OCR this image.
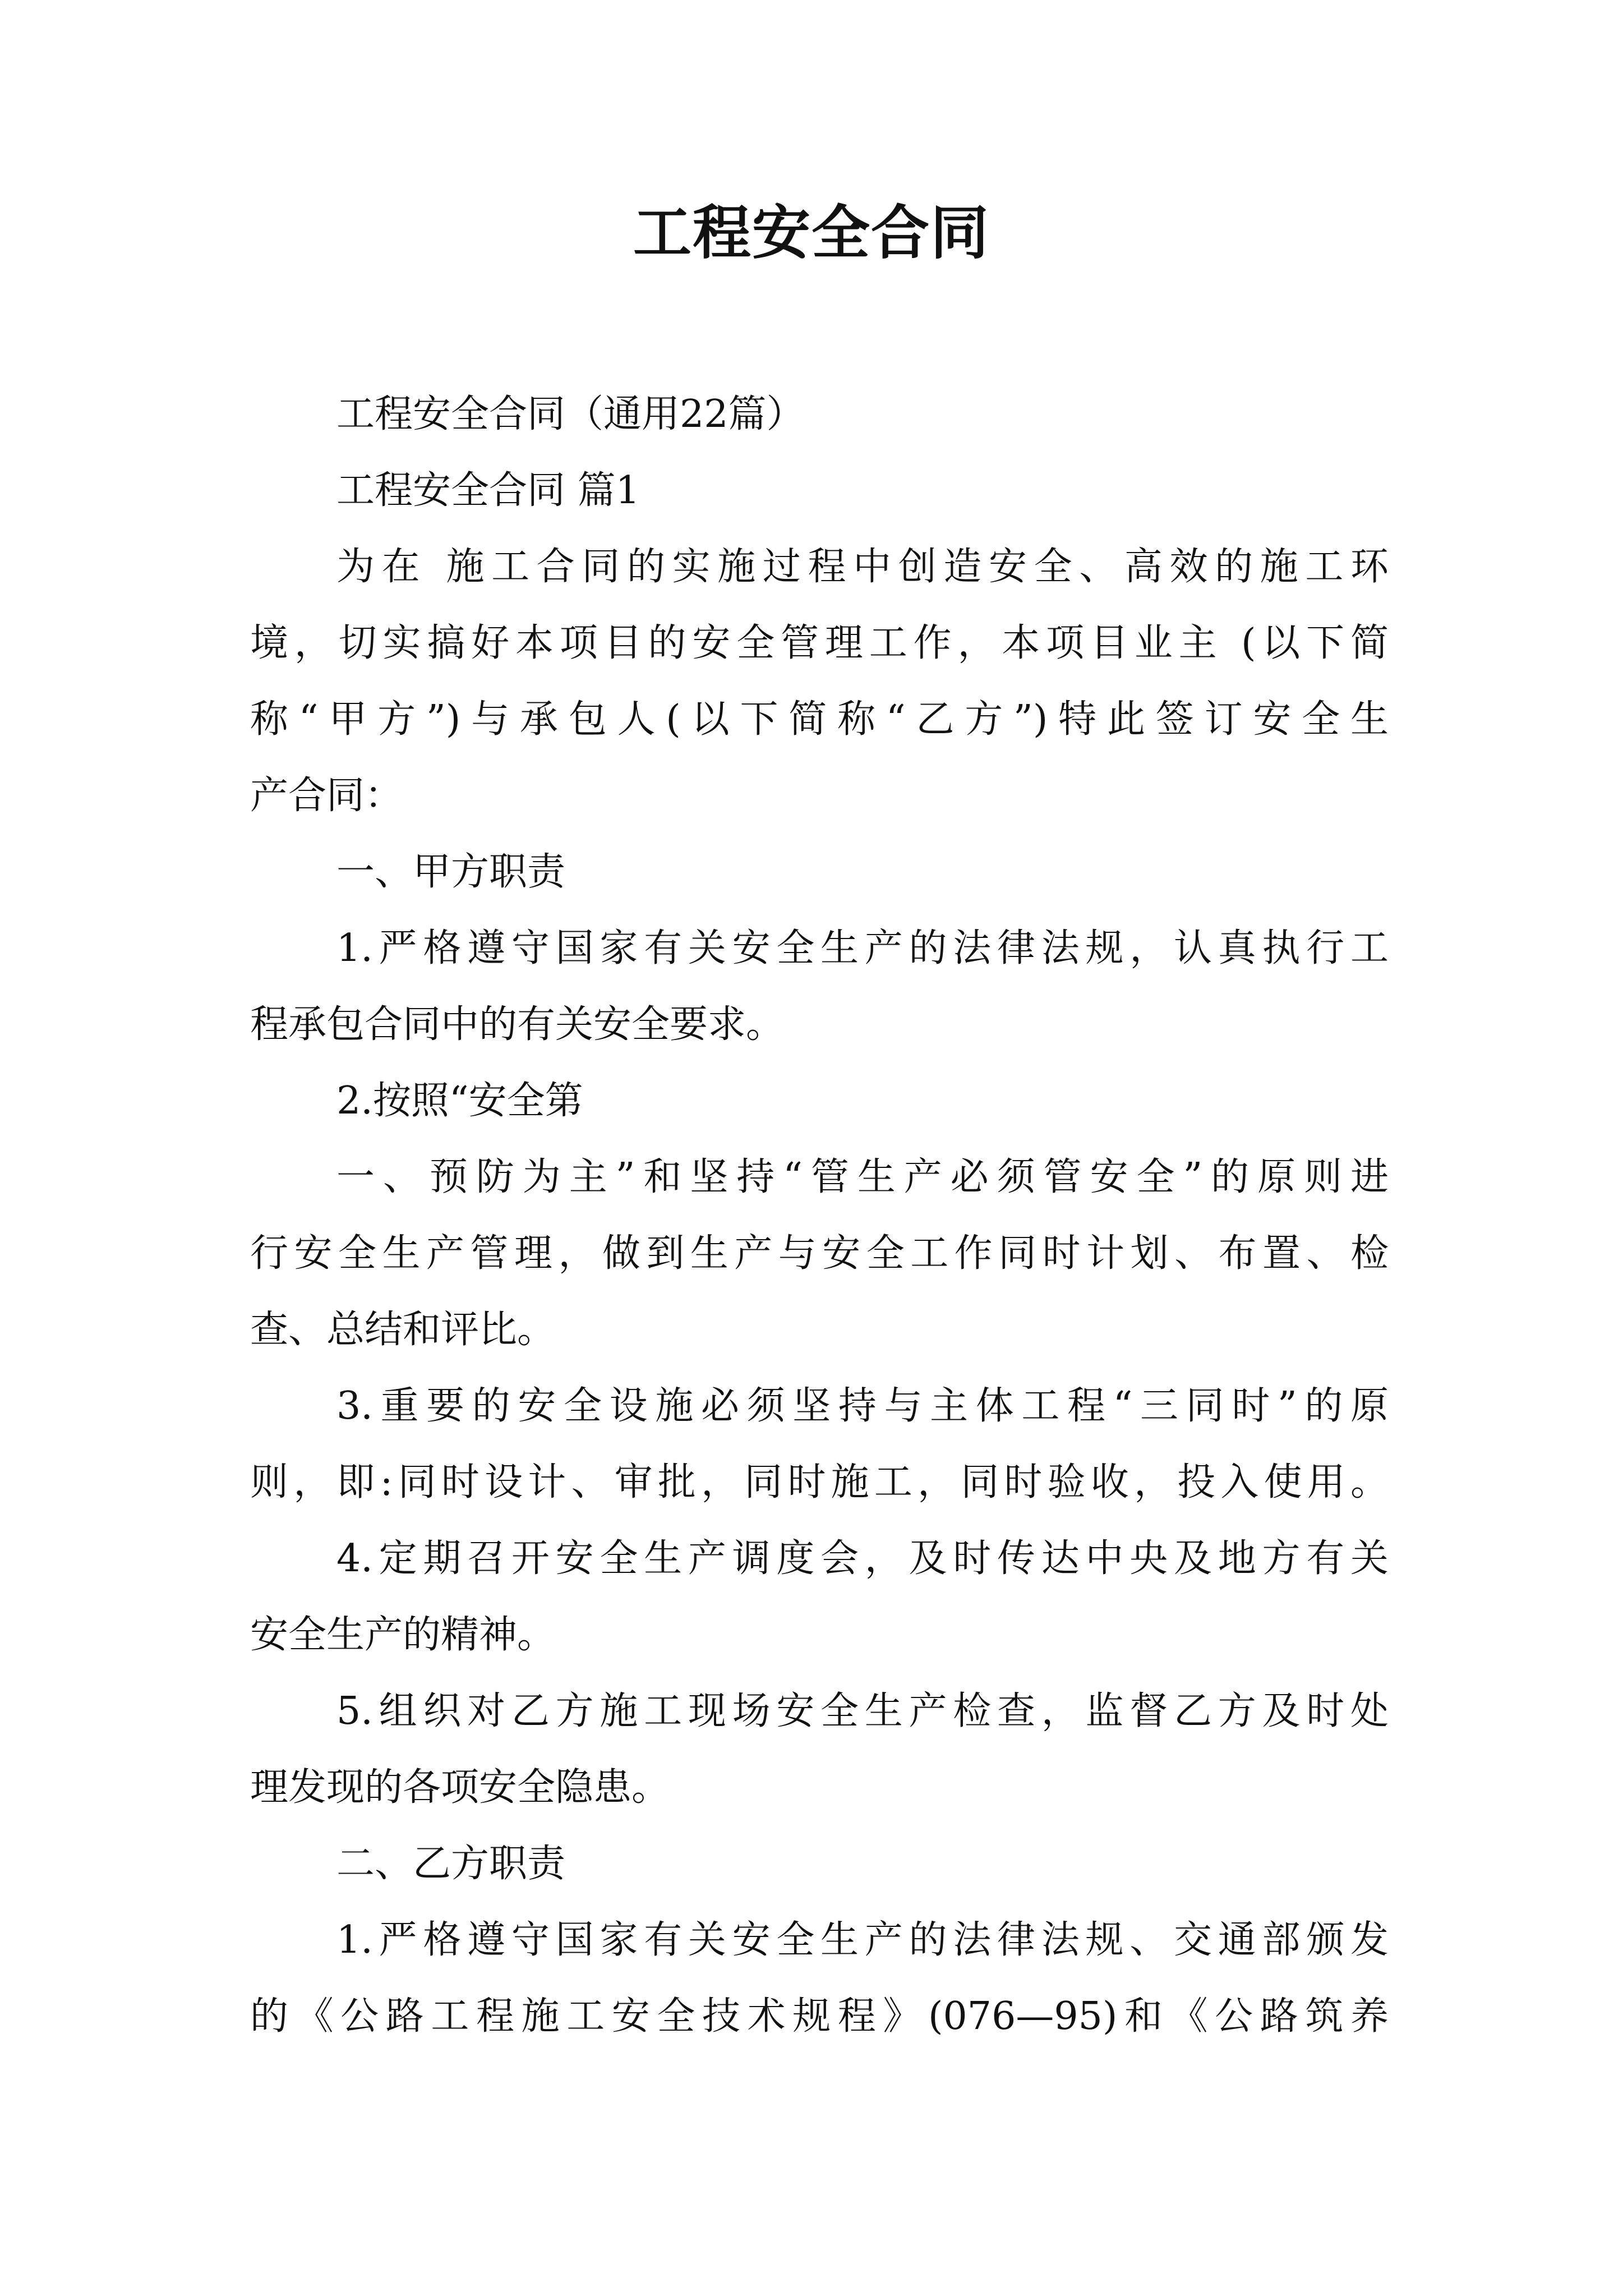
工程安全合同
工程安全合同（通用22篇）
工程安全合同 篇1
为在 施工合同的实施过程中创造安全、高效的施工环
境，切实搞好本项目的安全管理工作，本项目业主 (以下简
称“甲方”)与承包人(以下简称“乙方”)特此签订安全生
产合同：
一、甲方职责
1.严格遵守国家有关安全生产的法律法规，认真执行工
程承包合同中的有关安全要求。
2.按照“安全第
一、预防为主”和坚持“管生产必须管安全”的原则进
行安全生产管理，做到生产与安全工作同时计划、布置、检
查、总结和评比。
3.重要的安全设施必须坚持与主体工程“三同时”的原
则，即:同时设计、审批，同时施工，同时验收，投入使用。
4.定期召开安全生产调度会，及时传达中央及地方有关
安全生产的精神。
5.组织对乙方施工现场安全生产检查，监督乙方及时处
理发现的各项安全隐患。
二、乙方职责
1.严格遵守国家有关安全生产的法律法规、交通部颁发
的《公路工程施工安全技术规程》(076—95)和《公路筑养
